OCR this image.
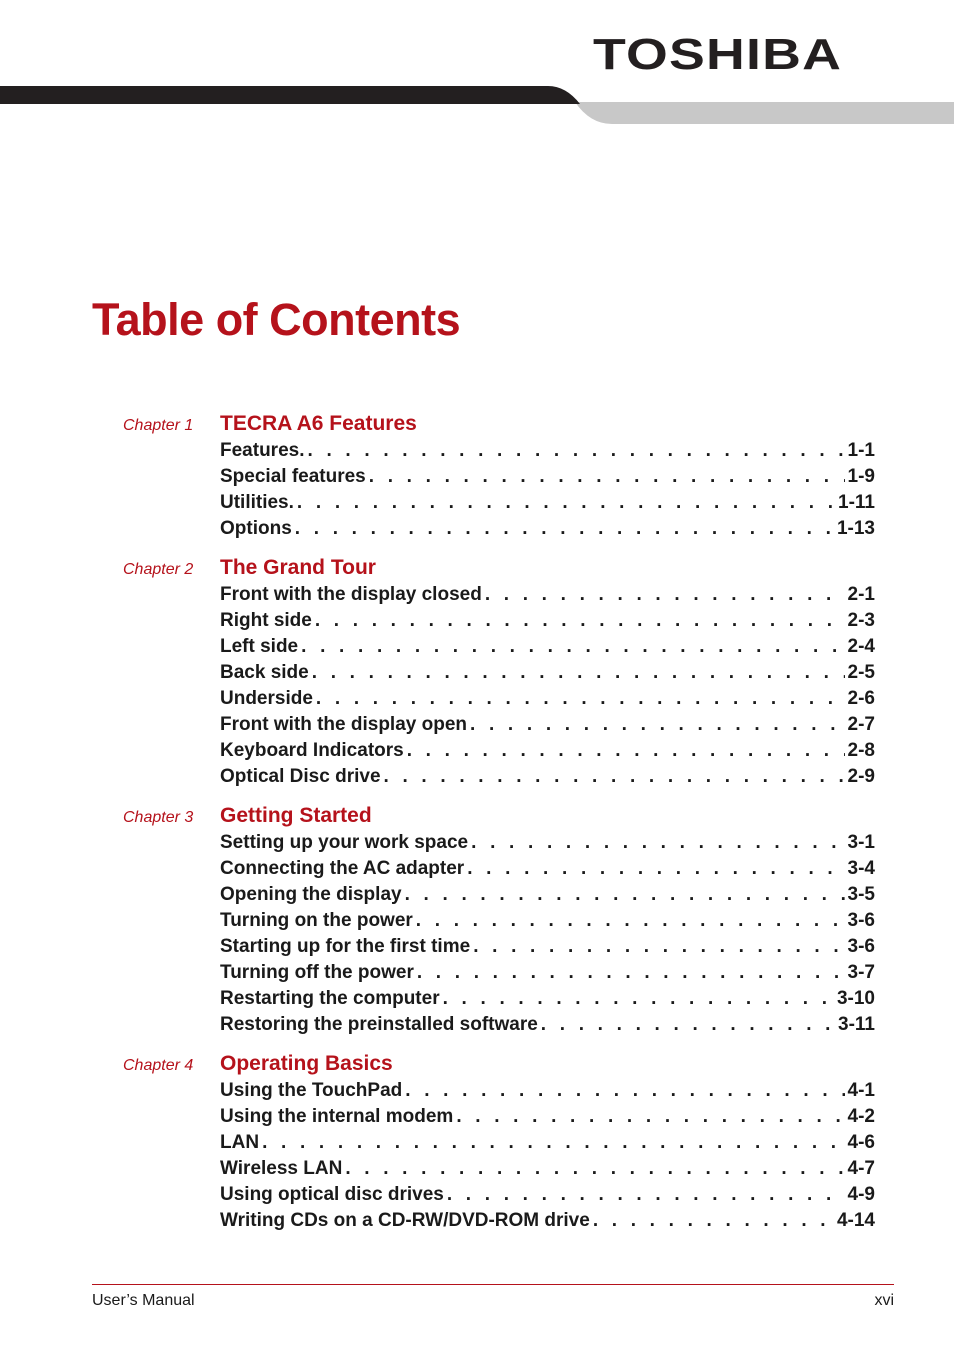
TOSHIBA
Table of Contents
Chapter 1 TECRA A6 Features
Features. . . .	1-1
Special features . . .	1-9
Utilities. . . .	1-11
Options . . .	1-13
Chapter 2 The Grand Tour
Front with the display closed . . .	2-1
Right side . . .	2-3
Left side . . .	2-4
Back side . . .	2-5
Underside . . .	2-6
Front with the display open . . .	2-7
Keyboard Indicators . . .	2-8
Optical Disc drive . . .	2-9
Chapter 3 Getting Started
Setting up your work space . . .	3-1
Connecting the AC adapter . . .	3-4
Opening the display . . .	3-5
Turning on the power . . .	3-6
Starting up for the first time . . .	3-6
Turning off the power . . .	3-7
Restarting the computer . . .	3-10
Restoring the preinstalled software . . .	3-11
Chapter 4 Operating Basics
Using the TouchPad . . .	4-1
Using the internal modem . . .	4-2
LAN . . .	4-6
Wireless LAN . . .	4-7
Using optical disc drives . . .	4-9
Writing CDs on a CD-RW/DVD-ROM drive . . .	4-14
User’s Manual	xvi
